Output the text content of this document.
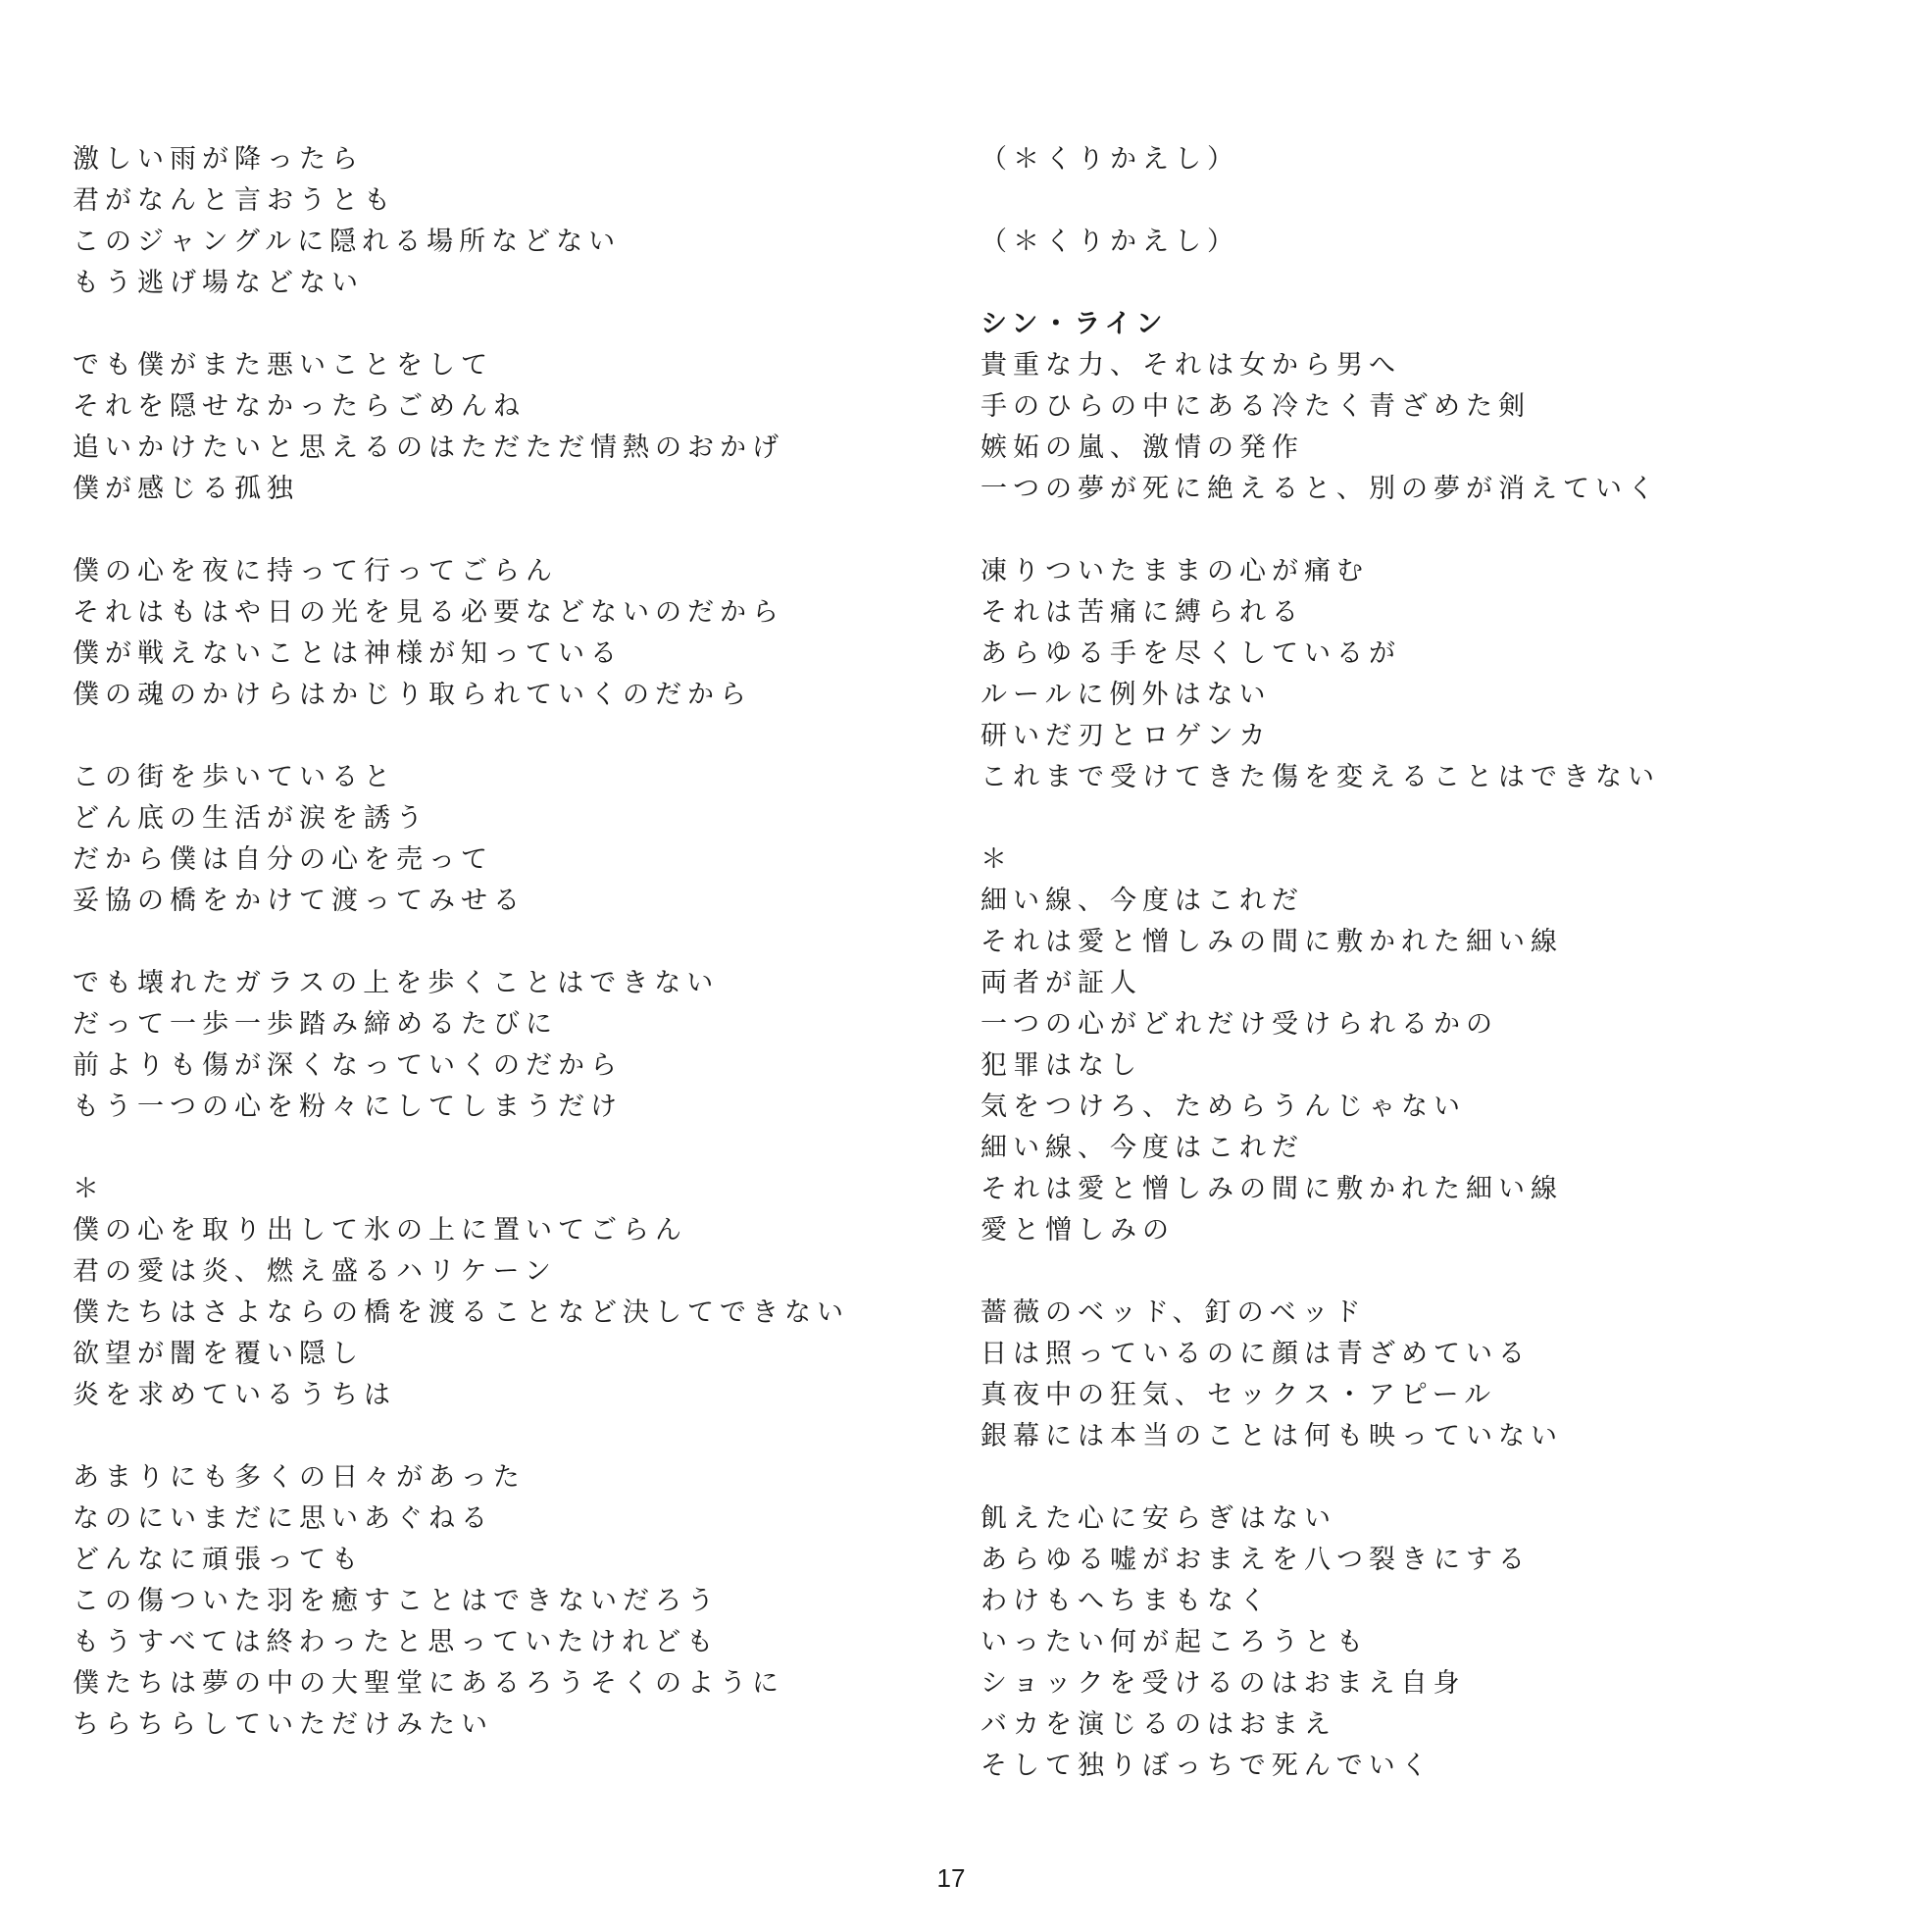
激しい雨が降ったら
君がなんと言おうとも
このジャングルに隠れる場所などない
もう逃げ場などない
でも僕がまた悪いことをして
それを隠せなかったらごめんね
追いかけたいと思えるのはただただ情熱のおかげ
僕が感じる孤独
僕の心を夜に持って行ってごらん
それはもはや日の光を見る必要などないのだから
僕が戦えないことは神様が知っている
僕の魂のかけらはかじり取られていくのだから
この街を歩いていると
どん底の生活が涙を誘う
だから僕は自分の心を売って
妥協の橋をかけて渡ってみせる
でも壊れたガラスの上を歩くことはできない
だって一歩一歩踏み締めるたびに
前よりも傷が深くなっていくのだから
もう一つの心を粉々にしてしまうだけ
＊
僕の心を取り出して氷の上に置いてごらん
君の愛は炎、燃え盛るハリケーン
僕たちはさよならの橋を渡ることなど決してできない
欲望が闇を覆い隠し
炎を求めているうちは
あまりにも多くの日々があった
なのにいまだに思いあぐねる
どんなに頑張っても
この傷ついた羽を癒すことはできないだろう
もうすべては終わったと思っていたけれども
僕たちは夢の中の大聖堂にあるろうそくのように
ちらちらしていただけみたい
（＊くりかえし）
（＊くりかえし）
シン・ライン
貴重な力、それは女から男へ
手のひらの中にある冷たく青ざめた剣
嫉妬の嵐、激情の発作
一つの夢が死に絶えると、別の夢が消えていく
凍りついたままの心が痛む
それは苦痛に縛られる
あらゆる手を尽くしているが
ルールに例外はない
研いだ刃とロゲンカ
これまで受けてきた傷を変えることはできない
＊
細い線、今度はこれだ
それは愛と憎しみの間に敷かれた細い線
両者が証人
一つの心がどれだけ受けられるかの
犯罪はなし
気をつけろ、ためらうんじゃない
細い線、今度はこれだ
それは愛と憎しみの間に敷かれた細い線
愛と憎しみの
薔薇のベッド、釘のベッド
日は照っているのに顔は青ざめている
真夜中の狂気、セックス・アピール
銀幕には本当のことは何も映っていない
飢えた心に安らぎはない
あらゆる嘘がおまえを八つ裂きにする
わけもへちまもなく
いったい何が起ころうとも
ショックを受けるのはおまえ自身
バカを演じるのはおまえ
そして独りぼっちで死んでいく
17
